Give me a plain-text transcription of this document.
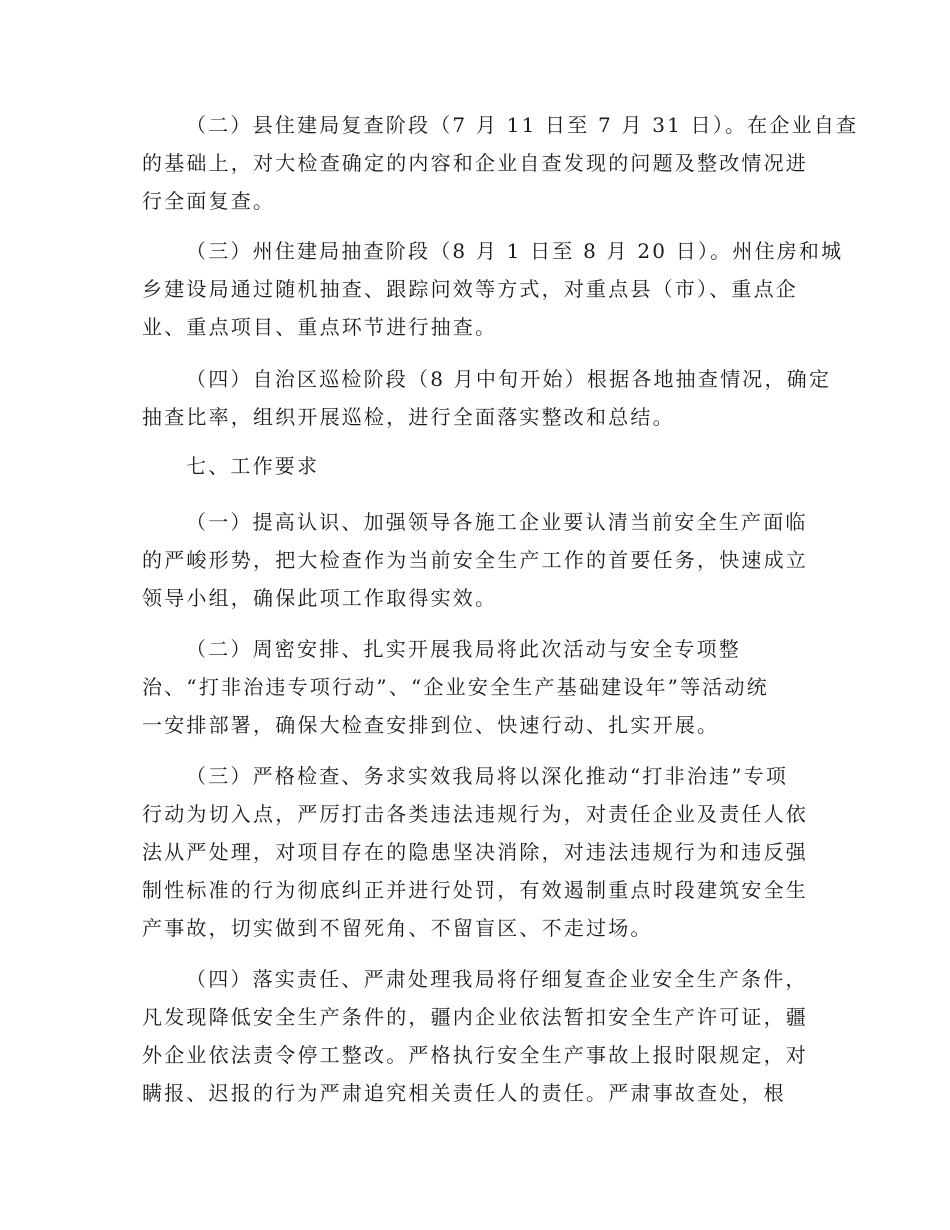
（二）县住建局复查阶段（7 月 11 日至 7 月 31 日）。在企业自查
的基础上，对大检查确定的内容和企业自查发现的问题及整改情况进
行全面复查。
（三）州住建局抽查阶段（8 月 1 日至 8 月 20 日）。州住房和城
乡建设局通过随机抽查、跟踪问效等方式，对重点县（市）、重点企
业、重点项目、重点环节进行抽查。
（四）自治区巡检阶段（8 月中旬开始）根据各地抽查情况，确定
抽查比率，组织开展巡检，进行全面落实整改和总结。
七、工作要求
（一）提高认识、加强领导各施工企业要认清当前安全生产面临
的严峻形势，把大检查作为当前安全生产工作的首要任务，快速成立
领导小组，确保此项工作取得实效。
（二）周密安排、扎实开展我局将此次活动与安全专项整
治、“打非治违专项行动”、“企业安全生产基础建设年”等活动统
一安排部署，确保大检查安排到位、快速行动、扎实开展。
（三）严格检查、务求实效我局将以深化推动“打非治违”专项
行动为切入点，严厉打击各类违法违规行为，对责任企业及责任人依
法从严处理，对项目存在的隐患坚决消除，对违法违规行为和违反强
制性标准的行为彻底纠正并进行处罚，有效遏制重点时段建筑安全生
产事故，切实做到不留死角、不留盲区、不走过场。
（四）落实责任、严肃处理我局将仔细复查企业安全生产条件，
凡发现降低安全生产条件的，疆内企业依法暂扣安全生产许可证，疆
外企业依法责令停工整改。严格执行安全生产事故上报时限规定，对
瞒报、迟报的行为严肃追究相关责任人的责任。严肃事故查处，根
